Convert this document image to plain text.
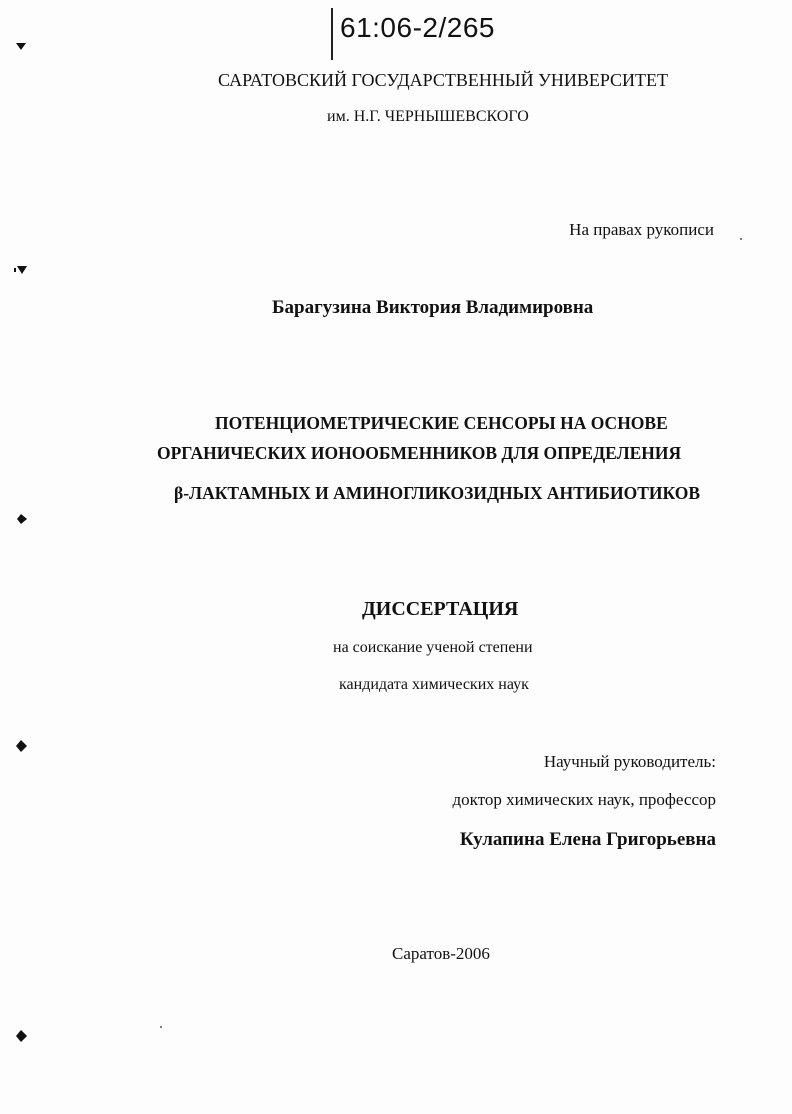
61:06-2/265
САРАТОВСКИЙ ГОСУДАРСТВЕННЫЙ УНИВЕРСИТЕТ
им. Н.Г. ЧЕРНЫШЕВСКОГО
На правах рукописи
Барагузина Виктория Владимировна
ПОТЕНЦИОМЕТРИЧЕСКИЕ СЕНСОРЫ НА ОСНОВЕ
ОРГАНИЧЕСКИХ ИОНООБМЕННИКОВ ДЛЯ ОПРЕДЕЛЕНИЯ
β-ЛАКТАМНЫХ И АМИНОГЛИКОЗИДНЫХ АНТИБИОТИКОВ
ДИССЕРТАЦИЯ
на соискание ученой степени
кандидата химических наук
Научный руководитель:
доктор химических наук, профессор
Кулапина Елена Григорьевна
Саратов-2006
